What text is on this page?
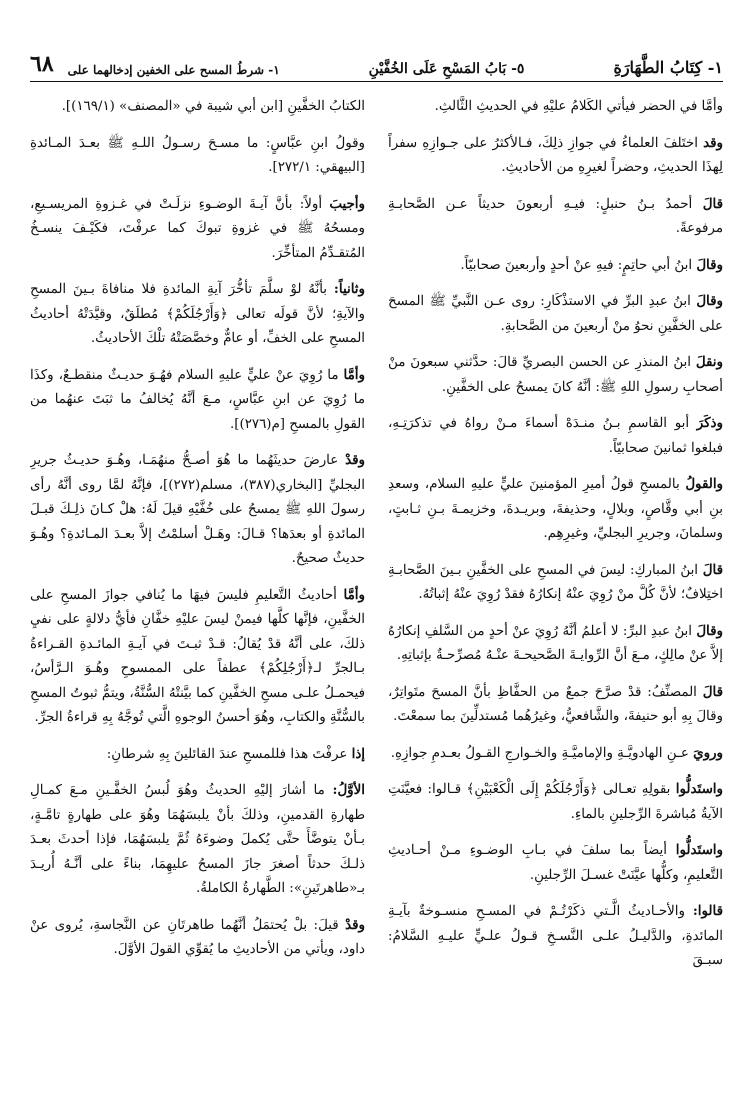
١- كِتَابُ الطَّهَارَةِ
٥- بَابُ المَسْحِ عَلَى الخُفَّيْنِ
١- شرطُ المسح على الخفين إدخالهما على
٦٨

وأمَّا في الحضر فيأتي الكَلامُ عليْهِ في الحديثِ الثَّالثِ.

وقد اختَلفَ العلماءُ في جوازِ ذلِكَ، فـالأكثرُ على جـوازِهِ سفراً لِهذَا الحديثِ، وحضراً لغيرِهِ من الأحاديثِ.

قالَ أحمدُ بـنُ حنبلٍ: فيـهِ أربعونَ حديثاً عـن الصَّحابـةِ مرفوعةً.

وقالَ ابنُ أبي حاتِمٍ: فيهِ عنْ أحدٍ وأربعينَ صحابيّاً.

وقالَ ابنُ عبدِ البرِّ في الاستذْكَارِ: روى عـن النَّبيِّ ﷺ المسحَ على الخفَّينِ نحوُ منْ أربعينَ من الصَّحابةِ.

ونقلَ ابنُ المنذرِ عن الحسن البصريِّ قالَ: حدَّثني سبعونَ منْ أصحابِ رسولِ اللهِ ﷺ: أنَّهُ كانَ يمسحُ على الخفَّينِ.

وذكَرَ أبو القاسمِ بـنُ منـدَهْ أسماءَ مـنْ رواهُ في تذكرَتِـهِ، فبلغوا ثمانينَ صحابيّاً.

والقولُ بالمسحِ قولُ أميرِ المؤمنينَ عليٍّ عليهِ السلام، وسعدِ بنِ أبي وقَّاصٍ، وبلالٍ، وحذيفةَ، وبريـدةَ، وخزيمـةَ بـنِ ثـابتٍ، وسلمانَ، وجريرِ البجليِّ، وغيرِهِم.

قالَ ابنُ المباركِ: ليسَ في المسحِ على الخفَّينِ بـينَ الصَّحابـةِ اختِلافٌ؛ لأنَّ كُلَّ منْ رُوِيَ عنْهُ إنكارُهُ فقدْ رُوِيَ عنْهُ إثباتُهُ.

وقالَ ابنُ عبدِ البرِّ: لا أعلمُ أنَّهُ رُوِيَ عنْ أحدٍ من السَّلفِ إنكارُهُ إلاَّ عنْ مالِكٍ، مـعَ أنَّ الرِّوايـةَ الصَّحيحـةَ عنْـهُ مُصرِّحـةٌ بإثباتِهِ.

قالَ المصنِّفُ: قدْ صرَّحَ جمعٌ من الحفَّاظِ بأنَّ المسحَ متَواتِرٌ، وقالَ بِهِ أبو حنيفةَ، والشَّافعيُّ، وغيرُهُما مُستدلِّينَ بما سمعْتَ.

ورويَ عـنِ الهادويَّـةِ والإماميَّـةِ والخـوارجِ القـولُ بعـدمِ جوازِهِ.

واستَدلُّوا بقولِهِ تعـالى ﴿وَأَرْجُلَكُمْ إِلَى الْكَعْبَيْنِ﴾ قـالوا: فعيَّنَتِ الآيةُ مُباشرةَ الرِّجلينِ بالماءِ.

واستَدلُّوا أيضاً بما سلفَ في بـابِ الوضـوءِ مـنْ أحـاديثِ التَّعليمِ، وكلُّها عيَّنَتْ غسـلَ الرِّجلينِ.

قالوا: والأحـاديثُ الَّـتي ذكَرْتُـمْ في المسـحِ منسـوخةٌ بآيـةِ المائدةِ، والدَّليـلُ علـى النَّسـخِ قـولُ علـيٍّ عليـهِ السَّلامُ: سبـقَ

الكتابُ الخفَّينِ [ابن أبي شيبة في «المصنف» (١٦٩/١)].

وقولُ ابنِ عبَّاسٍ: ما مسـحَ رسـولُ اللـهِ ﷺ بعـدَ المـائدةِ [البيهقي: ٢٧٢/١].

وأجيبَ أولاً: بأنَّ آيـةَ الوضـوءِ نزلَـتْ في غـزوةِ المريسـيعِ، ومسحُهُ ﷺ في غزوةِ تبوكَ كما عرفْتَ، فكَيْـفَ ينسـخُ المُتقـدِّمُ المتأخِّرَ.

وثانياً: بأنَّهُ لوْ سلَّمَ تأخُّرَ آيةِ المائدةِ فلا منافاةَ بـينَ المسحِ والآيةِ؛ لأنَّ قولَه تعالى ﴿وَأَرْجُلَكُمْ﴾ مُطلَقٌ، وقيَّدَتْهُ أحاديثُ المسحِ على الخفِّ، أو عامٌّ وخصَّصَتْهُ تلْكَ الأحاديثُ.

وأمَّا ما رُوِيَ عنْ عليٍّ عليهِ السلام فهُـوَ حديـثٌ منقطـعٌ، وكذَا ما رُوِيَ عن ابنِ عبَّاسٍ، مـعَ أنَّهُ يُخالفُ ما ثبَتَ عنهُما من القولِ بالمسحِ [م(٢٧٦)].

وقدْ عارضَ حديثَهُما ما هُوَ أصـحُّ منهُمَـا، وهُـوَ حديـثُ جريرِ البجليِّ [البخاري(٣٨٧)، مسلم(٢٧٢)]، فإنَّهُ لمَّا روى أنَّهُ رأى رسولَ اللهِ ﷺ يمسحُ على خُفَّيْهِ قيلَ لَهُ: هلْ كـانَ ذلِـكَ قبـلَ المائدةِ أو بعدَها؟ قـالَ: وهَـلْ أسلمْتُ إلاَّ بعـدَ المـائدةِ؟ وهُـوَ حديثٌ صحيحٌ.

وأمَّا أحاديثُ التَّعليمِ فليسَ فيهَا ما يُنافي جوازَ المسحِ على الخفَّينِ، فإنَّها كلَّها فيمنْ ليسَ عليْهِ خفَّانِ فأيُّ دلالةٍ على نفيِ ذلكَ، على أنَّهُ قدْ يُقالُ: قـدْ ثبـتَ في آيـةِ المائـدةِ القـراءةُ بـالجرِّ لـ﴿أَرْجُلِكُمْ﴾ عطفاً على الممسوحِ وهُـوَ الـرَّأسُ، فيحمـلُ علـى مسحِ الخفَّينِ كما بيَّنتْهُ السُّنَّةُ، ويتمُّ ثبوتُ المسحِ بالسُّنَّةِ والكتابِ، وهُوَ أحسنُ الوجوهِ الَّتي تُوجَّهُ بِهِ قراءةُ الجرِّ.

إذا عرفْتَ هذا فللمسحِ عندَ القائلينَ بِهِ شرطانِ:

الأوَّلُ: ما أشارَ إليْهِ الحديثُ وهُوَ لُبسُ الخفَّـينِ مـعَ كمـالِ طهارةِ القدمينِ، وذلكَ بأنْ يلبسَهُمَا وهُوَ على طهارةٍ تامَّـةٍ، بـأنْ يتوضَّأَ حتَّى يُكملَ وضوءَهُ ثُمَّ يلبسَهُمَا، فإذا أحدثَ بعـدَ ذلـكَ حدثاً أصغرَ جازَ المسحُ عليهِمَا، بناءً على أنَّـهُ أُريـدَ بـ«طاهرتَينِ»: الطَّهارةُ الكاملةُ.

وقدْ قيلَ: بلْ يُحتمَلُ أنَّهُما طاهرتَانِ عن النَّجاسةِ، يُروى عنْ داود، ويأتي من الأحاديثِ ما يُقوِّي القولَ الأوَّلَ.
